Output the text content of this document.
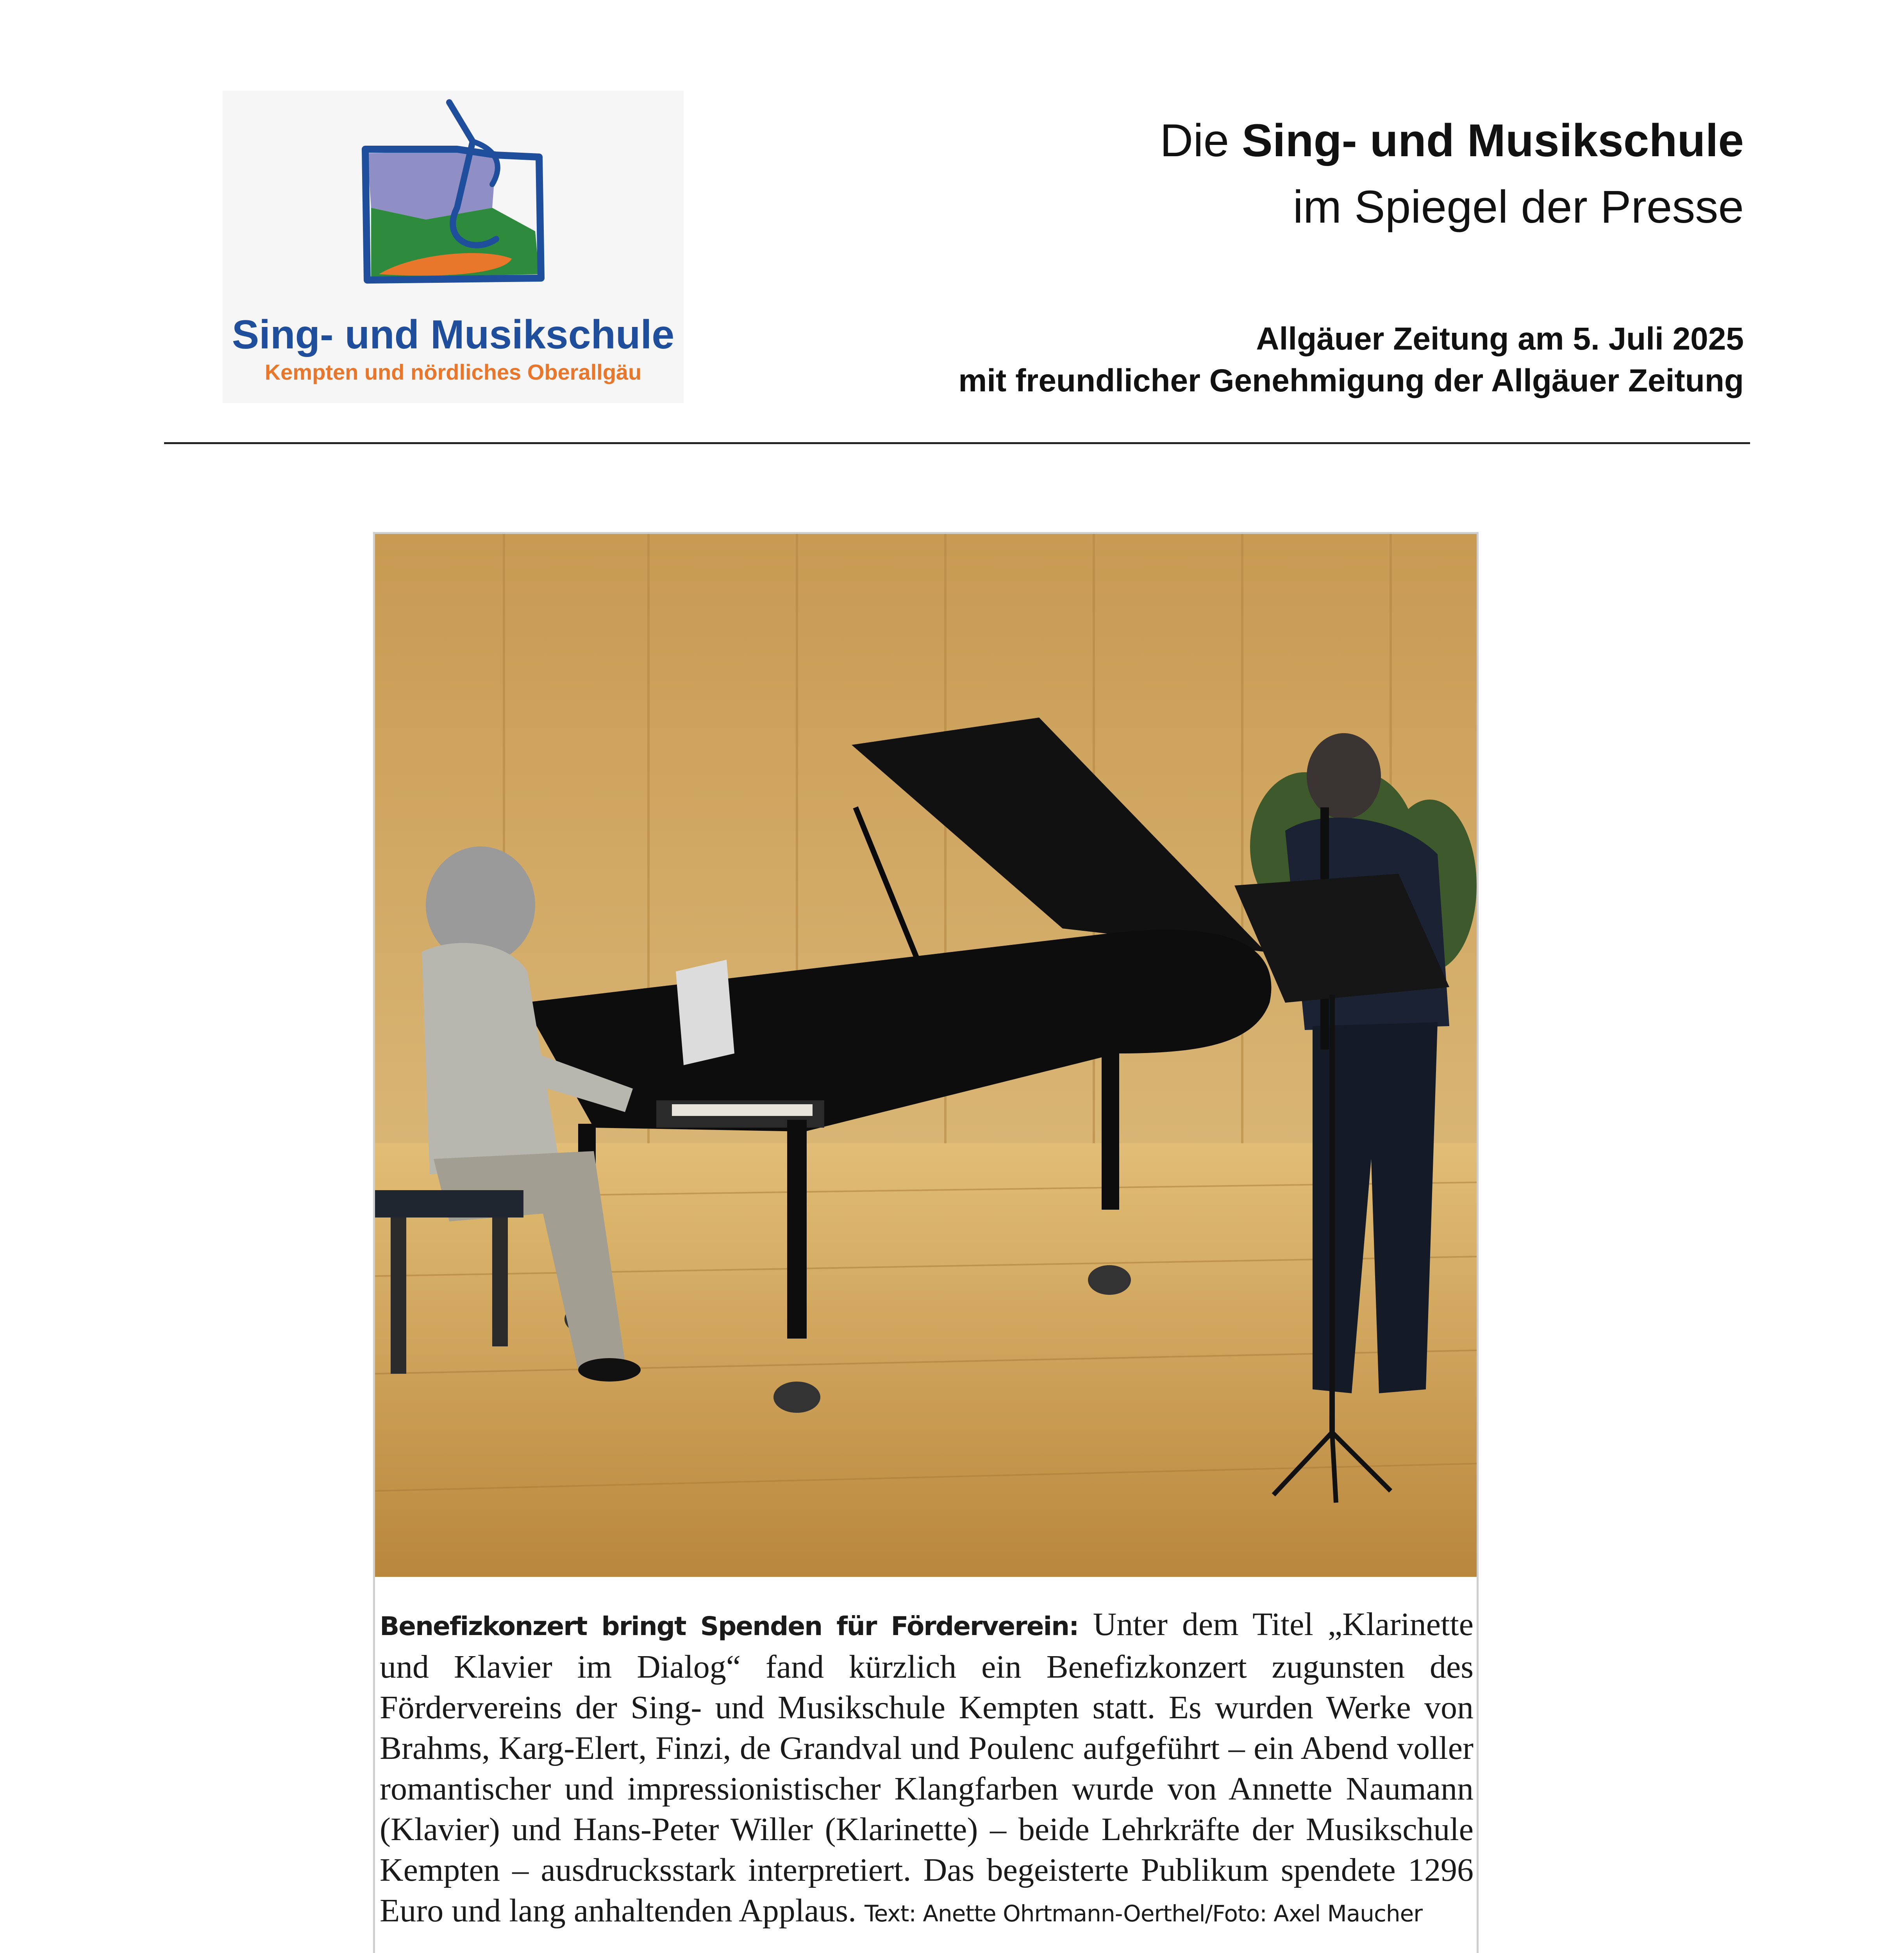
Sing- und Musikschule
Kempten und nördliches Oberallgäu
Die Sing- und Musikschule
im Spiegel der Presse
Allgäuer Zeitung am 5. Juli 2025
mit freundlicher Genehmigung der Allgäuer Zeitung
Benefizkonzert bringt Spenden für Förderverein: Unter dem Titel „Klarinette und Klavier im Dialog“ fand kürzlich ein Benefizkonzert zugunsten des Fördervereins der Sing- und Musikschule Kempten statt. Es wurden Werke von Brahms, Karg-Elert, Finzi, de Grandval und Poulenc aufgeführt – ein Abend voller romantischer und impressionistischer Klangfarben wurde von Annette Naumann (Klavier) und Hans-Peter Willer (Klarinette) – beide Lehrkräfte der Musikschule Kempten – ausdrucksstark interpretiert. Das begeisterte Publikum spendete 1296 Euro und lang anhaltenden Applaus. Text: Anette Ohrtmann-Oerthel/Foto: Axel Maucher
